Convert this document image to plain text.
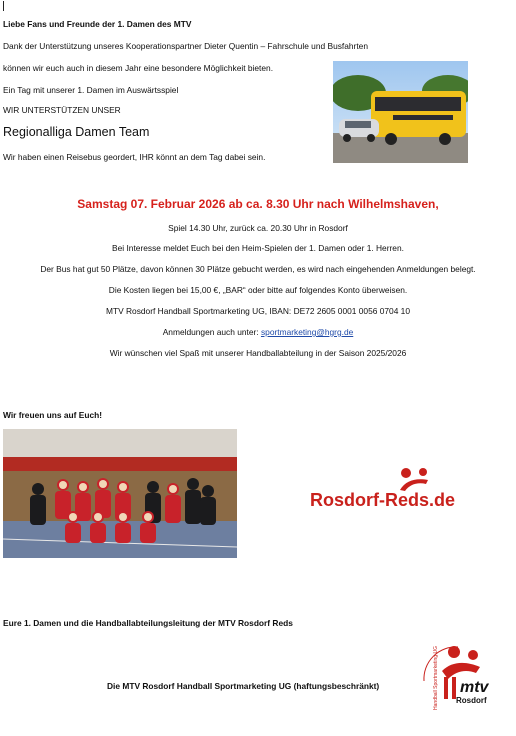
Liebe Fans und Freunde der 1. Damen des MTV
Dank der Unterstützung unseres Kooperationspartner Dieter Quentin – Fahrschule und Busfahrten
können wir euch auch in diesem Jahr eine besondere Möglichkeit bieten.
Ein Tag mit unserer 1. Damen im Auswärtsspiel
WIR UNTERSTÜTZEN UNSER
Regionalliga Damen Team
Wir haben einen Reisebus geordert, IHR könnt an dem Tag dabei sein.
Samstag 07. Februar 2026 ab ca. 8.30 Uhr nach Wilhelmshaven,
Spiel 14.30 Uhr, zurück ca. 20.30 Uhr in Rosdorf
Bei Interesse meldet Euch bei den Heim-Spielen der 1. Damen oder 1. Herren.
Der Bus hat gut 50 Plätze, davon können 30 Plätze gebucht werden, es wird nach eingehenden Anmeldungen belegt.
Die Kosten liegen bei 15,00 €, „BAR“ oder bitte auf folgendes Konto überweisen.
MTV Rosdorf Handball Sportmarketing UG, IBAN: DE72 2605 0001 0056 0704 10
Anmeldungen auch unter: sportmarketing@hgrg.de
Wir wünschen viel Spaß mit unserer Handballabteilung in der Saison 2025/2026
Wir freuen uns auf Euch!
Rosdorf-Reds.de
Eure 1. Damen und die Handballabteilungsleitung der MTV Rosdorf Reds
Die MTV Rosdorf Handball Sportmarketing UG (haftungsbeschränkt)	mtv
Rosdorf
Handball Sportmarketing UG
